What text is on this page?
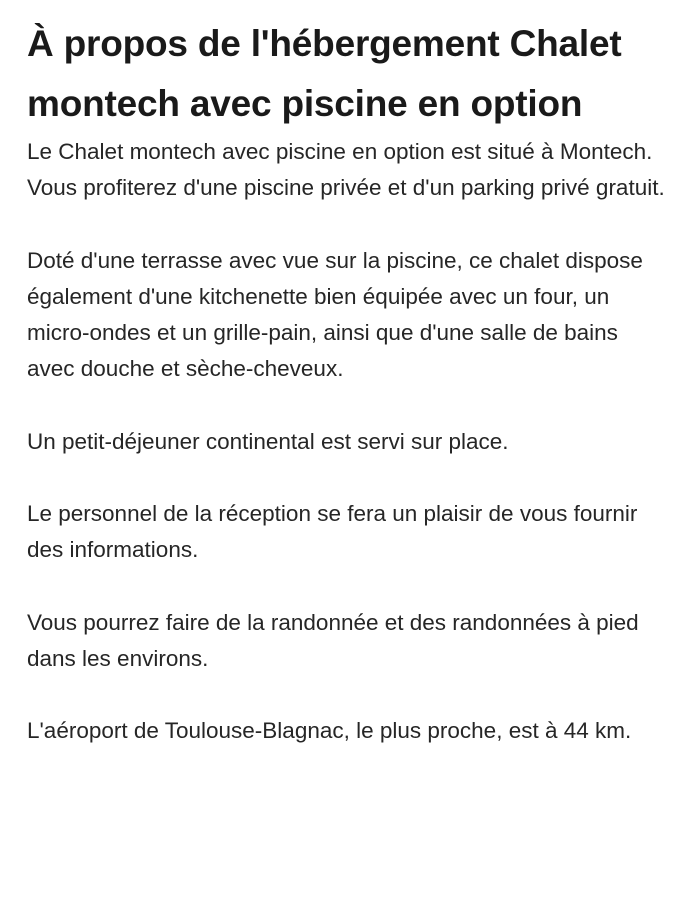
À propos de l'hébergement Chalet montech avec piscine en option

Le Chalet montech avec piscine en option est situé à Montech. Vous profiterez d'une piscine privée et d'un parking privé gratuit.

Doté d'une terrasse avec vue sur la piscine, ce chalet dispose également d'une kitchenette bien équipée avec un four, un micro-ondes et un grille-pain, ainsi que d'une salle de bains avec douche et sèche-cheveux.

Un petit-déjeuner continental est servi sur place.

Le personnel de la réception se fera un plaisir de vous fournir des informations.

Vous pourrez faire de la randonnée et des randonnées à pied dans les environs.

L'aéroport de Toulouse-Blagnac, le plus proche, est à 44 km.
